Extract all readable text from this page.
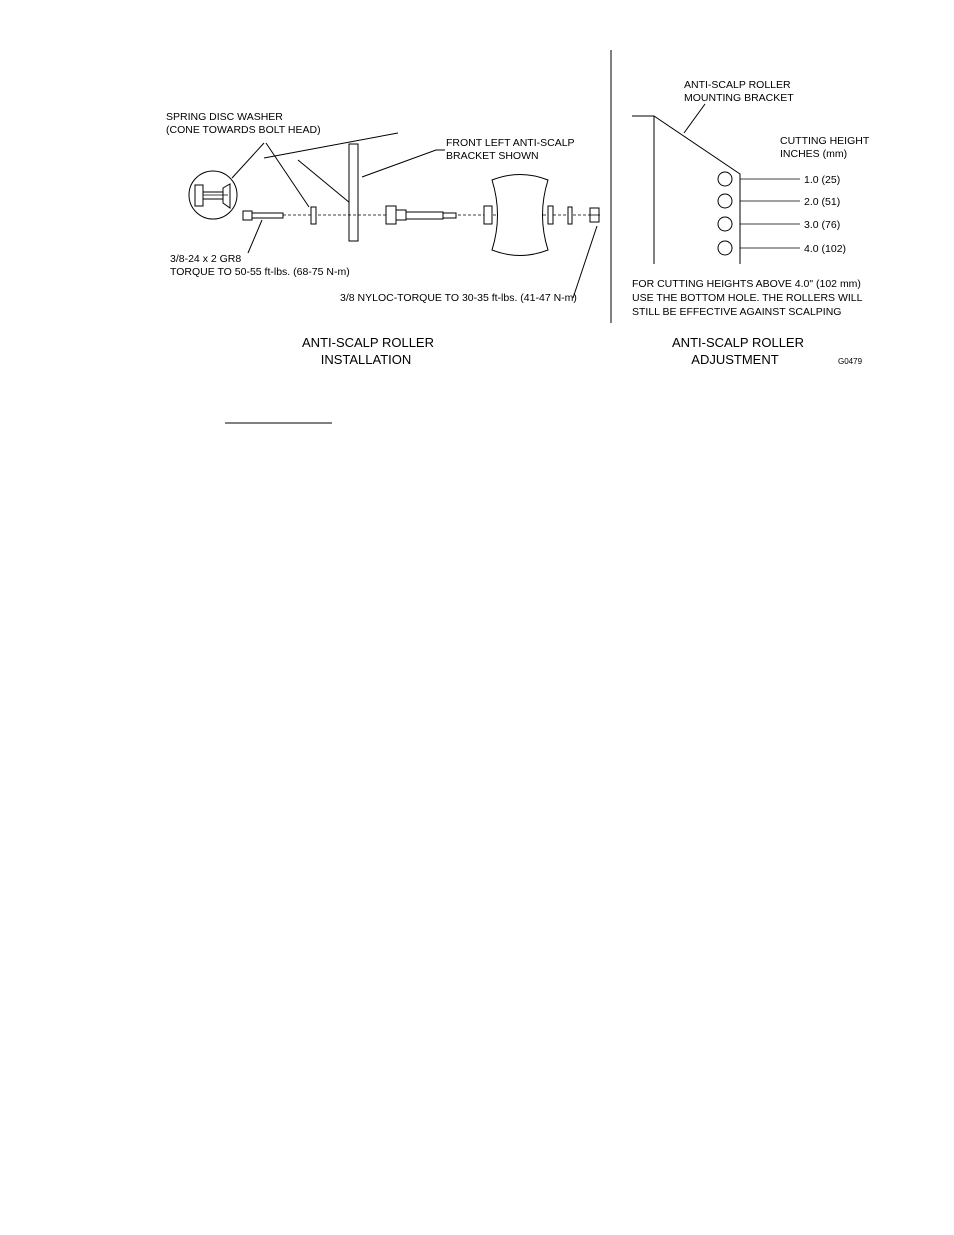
SPRING DISC WASHER
(CONE TOWARDS BOLT HEAD)
FRONT LEFT ANTI-SCALP
BRACKET SHOWN
3/8-24 x 2 GR8
TORQUE TO 50-55 ft-lbs. (68-75 N-m)
3/8 NYLOC-TORQUE TO 30-35 ft-lbs. (41-47 N-m)
ANTI-SCALP ROLLER
INSTALLATION
ANTI-SCALP ROLLER
MOUNTING BRACKET
CUTTING HEIGHT
INCHES (mm)
1.0 (25)
2.0 (51)
3.0 (76)
4.0 (102)
FOR CUTTING HEIGHTS ABOVE 4.0" (102 mm)
USE THE BOTTOM HOLE. THE ROLLERS WILL
STILL BE EFFECTIVE AGAINST SCALPING
ANTI-SCALP ROLLER
ADJUSTMENT	G0479
